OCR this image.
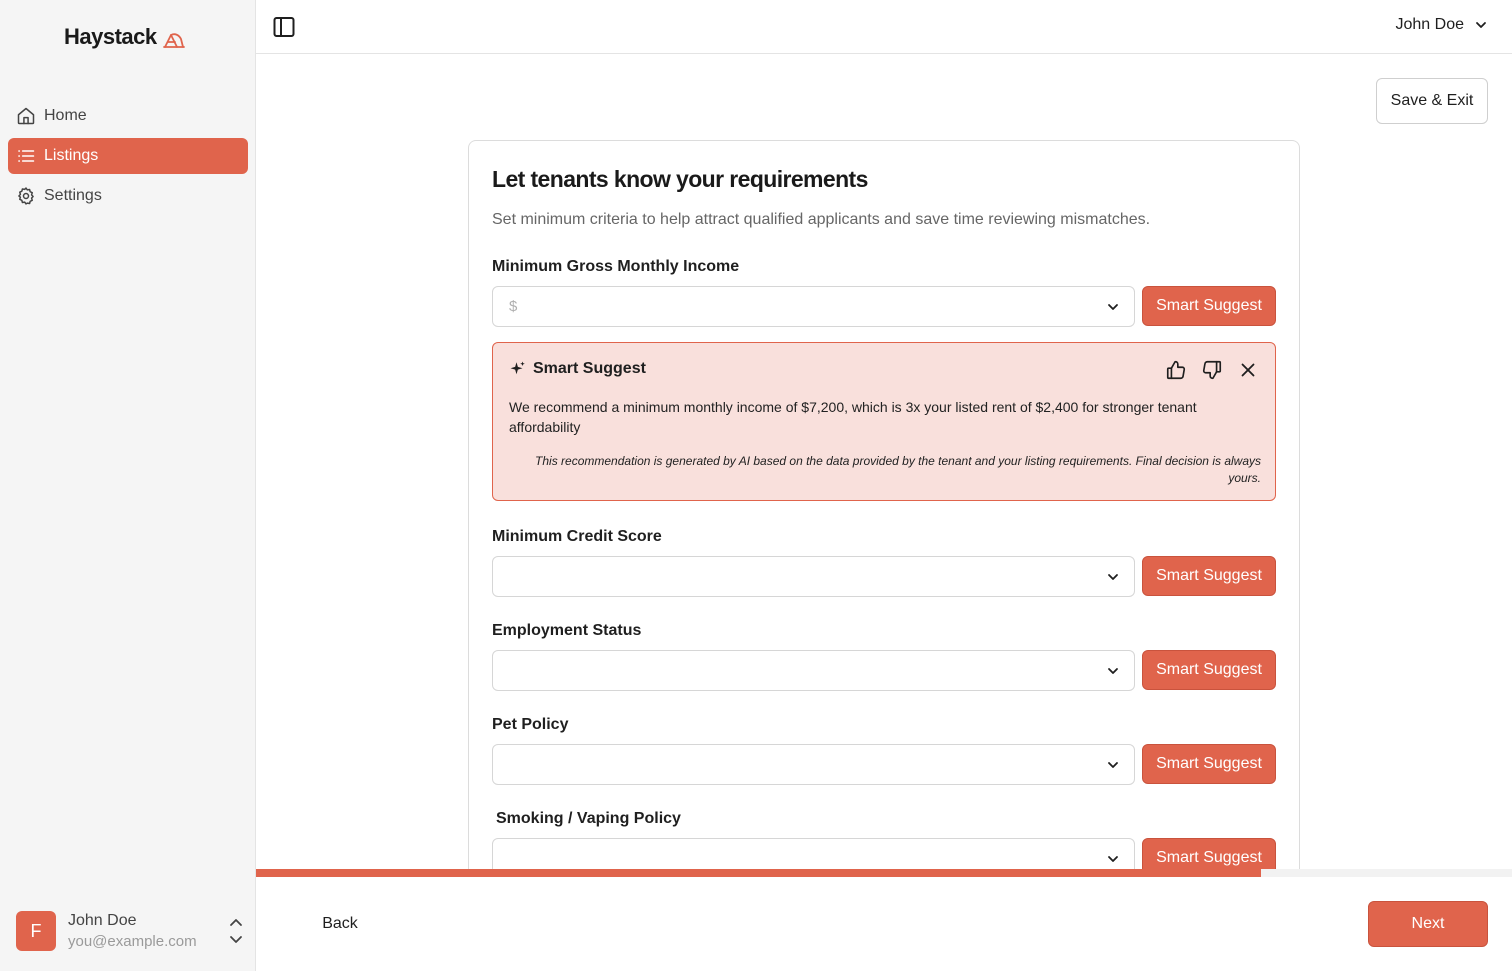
Haystack
Home
Listings
Settings
F	John Doe
you@example.com
John Doe
Save & Exit
Let tenants know your requirements

Set minimum criteria to help attract qualified applicants and save time reviewing mismatches.

Minimum Gross Monthly Income
$	Smart Suggest
Smart Suggest

We recommend a minimum monthly income of $7,200, which is 3x your listed rent of $2,400 for stronger tenant affordability

This recommendation is generated by AI based on the data provided by the tenant and your listing requirements. Final decision is always yours.

Minimum Credit Score
Smart Suggest
Employment Status
Smart Suggest
Pet Policy
Smart Suggest
Smoking / Vaping Policy
Smart Suggest
Back	Next
